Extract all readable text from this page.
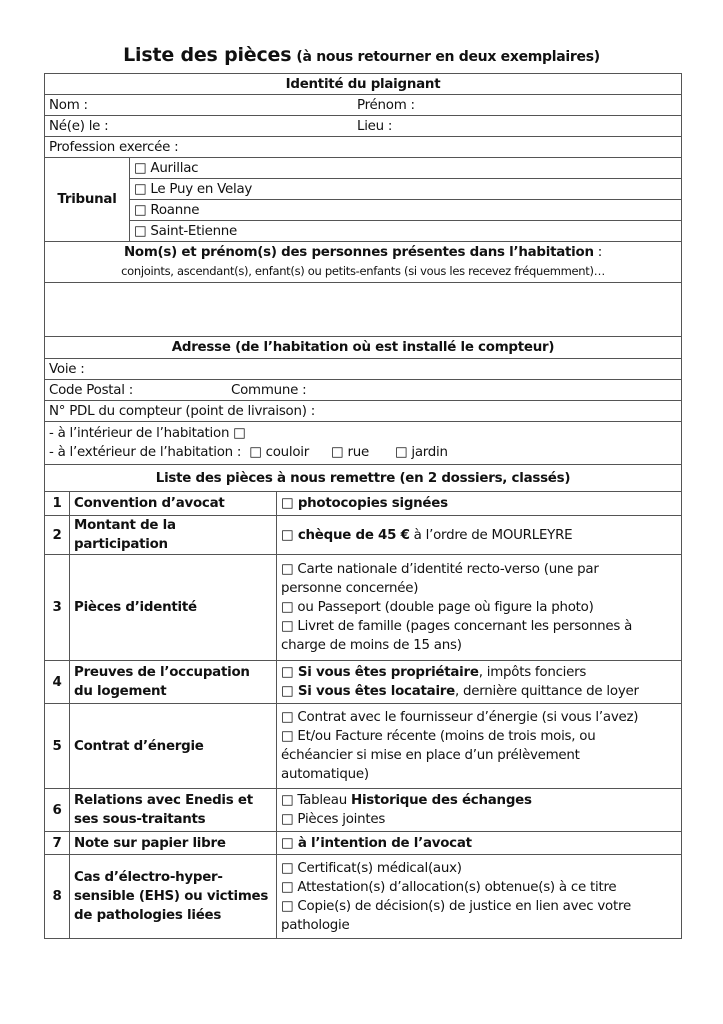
Liste des pièces (à nous retourner en deux exemplaires)
Identité du plaignant			
Nom : Prénom :			
Né(e) le : Lieu :			
Profession exercée :			
Tribunal		□ Aurillac	
		□ Le Puy en Velay	
		□ Roanne	
		□ Saint-Etienne	

Nom(s) et prénom(s) des personnes présentes dans l’habitation :
conjoints, ascendant(s), enfant(s) ou petits-enfants (si vous les recevez fréquemment)…			

Adresse (de l’habitation où est installé le compteur)			
Voie :			
Code Postal : Commune :			
N° PDL du compteur (point de livraison) :			

- à l’intérieur de l’habitation □
- à l’extérieur de l’habitation : □ couloir □ rue □ jardin			

Liste des pièces à nous remettre (en 2 dossiers, classés)			
1	Convention d’avocat		□ photocopies signées

2	Montant de la participation		□ chèque de 45 € à l’ordre de MOURLEYRE

3	Pièces d’identité		□ Carte nationale d’identité recto-verso (une par
personne concernée)
□ ou Passeport (double page où figure la photo)
□ Livret de famille (pages concernant les personnes à
charge de moins de 15 ans)

4	Preuves de l’occupation du logement		□ Si vous êtes propriétaire, impôts fonciers
□ Si vous êtes locataire, dernière quittance de loyer

5	Contrat d’énergie		□ Contrat avec le fournisseur d’énergie (si vous l’avez)
□ Et/ou Facture récente (moins de trois mois, ou
échéancier si mise en place d’un prélèvement
automatique)

6	Relations avec Enedis et ses sous-traitants		□ Tableau Historique des échanges
□ Pièces jointes

7	Note sur papier libre		□ à l’intention de l’avocat

8	Cas d’électro-hyper-sensible (EHS) ou victimes de pathologies liées		□ Certificat(s) médical(aux)
□ Attestation(s) d’allocation(s) obtenue(s) à ce titre
□ Copie(s) de décision(s) de justice en lien avec votre
pathologie
